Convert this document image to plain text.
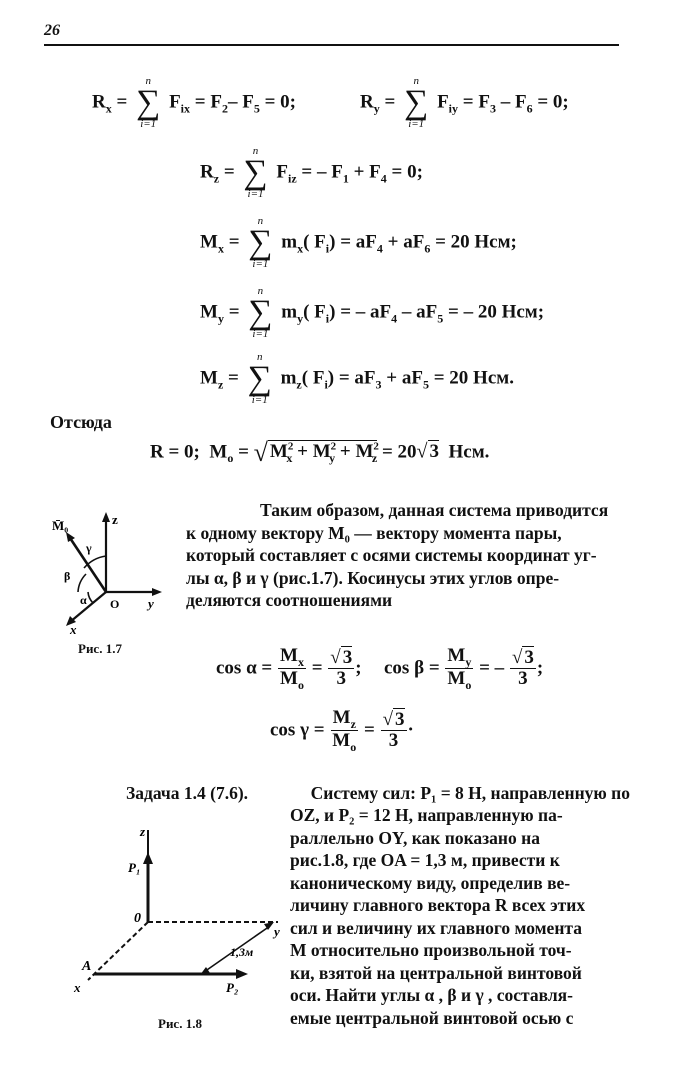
26
$R_x$ =
n
∑
i=1
$F_{ix} = F_2-$ $F_5 = 0$;	$R_y$ =
n
∑
i=1
$F_{iy} = F_3 - F_6 = 0$;
$R_z$ =
n
∑
i=1
$F_{iz}$ = – $F_1 + F_4 = 0$;
$M_x$ =
n
∑
i=1
$m_x$( $F_i) = aF_4 + aF_6 = 20$ Нсм;
$M_y$ =
n
∑
i=1
$m_y$( $F_i$) = – $aF_4 - aF_5$ = – 20 Нсм;
$M_z$ =
n
∑
i=1
$m_z$( $F_i) = aF_3 + aF_5 = 20$ Нсм.
Отсюда
R = 0; $M_o$ = √ $M^2_x + M^2_y + M^2_z = 20√$ 3 Нсм.
z
y
x
O
M̄₀
γ
β
α
Рис. 1.7
Таким образом, данная система приводится
к одному вектору M₀ — вектору момента пары,
который составляет с осями системы координат уг-
лы α, β и γ (рис.1.7). Косинусы этих углов опре-
деляются соотношениями
$\cos \alpha = \frac{M_x}{M_o} = \frac{√ 3}{3}$ ; $\cos \beta = \frac{M_y}{M_o}$ = – $\frac{√ 3}{3}$ ;
$\cos \gamma = \frac{M_z}{M_o} = \frac{√ 3}{3}$ ·
Задача 1.4 (7.6).	Систему сил: P₁ = 8 Н, направленную по
OZ, и P₂ = 12 Н, направленную па-
раллельно OY, как показано на
рис.1.8, где OA = 1,3 м, привести к
каноническому виду, определив ве-
личину главного вектора R всех этих
сил и величину их главного момента
M относительно произвольной точ-
ки, взятой на центральной винтовой
оси. Найти углы α , β и γ , составля-
емые центральной винтовой осью с
z
y
x
0
A
P₁
P₂
1,3м
Рис. 1.8
